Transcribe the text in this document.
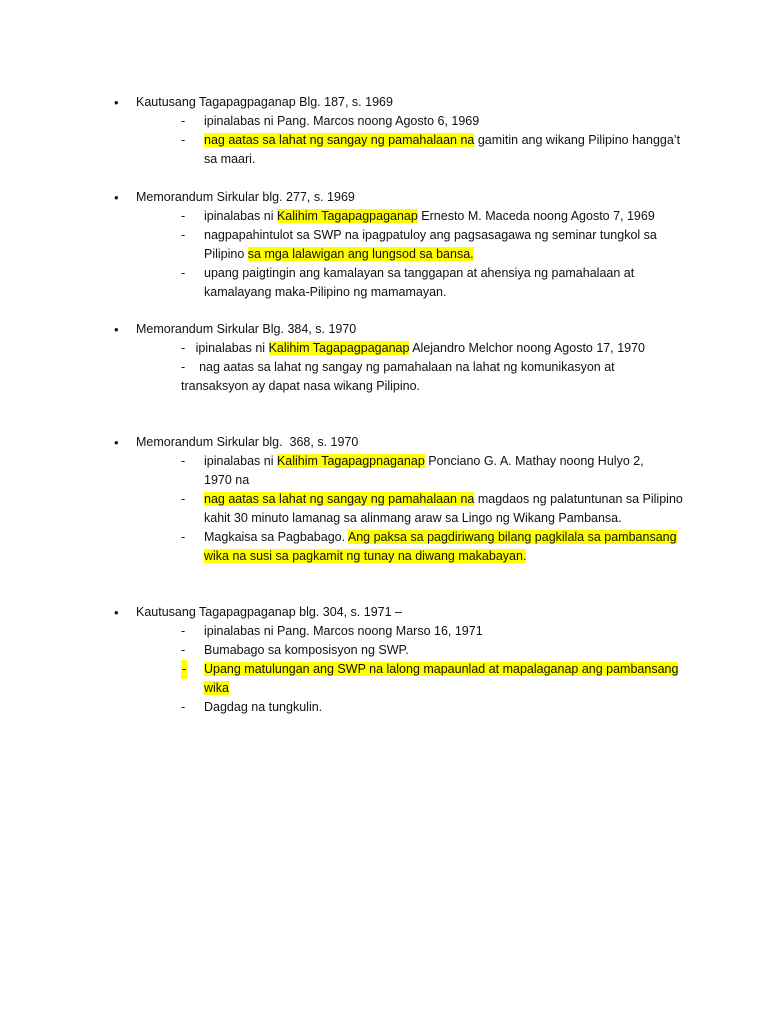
• Kautusang Tagapagpaganap Blg. 187, s. 1969
- ipinalabas ni Pang. Marcos noong Agosto 6, 1969
- nag aatas sa lahat ng sangay ng pamahalaan na gamitin ang wikang Pilipino hangga’t sa maari.
• Memorandum Sirkular blg. 277, s. 1969
- ipinalabas ni Kalihim Tagapagpaganap Ernesto M. Maceda noong Agosto 7, 1969
- nagpapahintulot sa SWP na ipagpatuloy ang pagsasagawa ng seminar tungkol sa Pilipino sa mga lalawigan ang lungsod sa bansa.
- upang paigtingin ang kamalayan sa tanggapan at ahensiya ng pamahalaan at kamalayang maka-Pilipino ng mamamayan.
• Memorandum Sirkular Blg. 384, s. 1970
-   ipinalabas ni Kalihim Tagapagpaganap Alejandro Melchor noong Agosto 17, 1970
-    nag aatas sa lahat ng sangay ng pamahalaan na lahat ng komunikasyon at
transaksyon ay dapat nasa wikang Pilipino.
• Memorandum Sirkular blg.  368, s. 1970
- ipinalabas ni Kalihim Tagapagpnaganap Ponciano G. A. Mathay noong Hulyo 2, 1970 na
- nag aatas sa lahat ng sangay ng pamahalaan na magdaos ng palatuntunan sa Pilipino kahit 30 minuto lamanag sa alinmang araw sa Lingo ng Wikang Pambansa.
- Magkaisa sa Pagbabago. Ang paksa sa pagdiriwang bilang pagkilala sa pambansang wika na susi sa pagkamit ng tunay na diwang makabayan.
• Kautusang Tagapagpaganap blg. 304, s. 1971 –
- ipinalabas ni Pang. Marcos noong Marso 16, 1971
- Bumabago sa komposisyon ng SWP.
- Upang matulungan ang SWP na lalong mapaunlad at mapalaganap ang pambansang wika
- Dagdag na tungkulin.
